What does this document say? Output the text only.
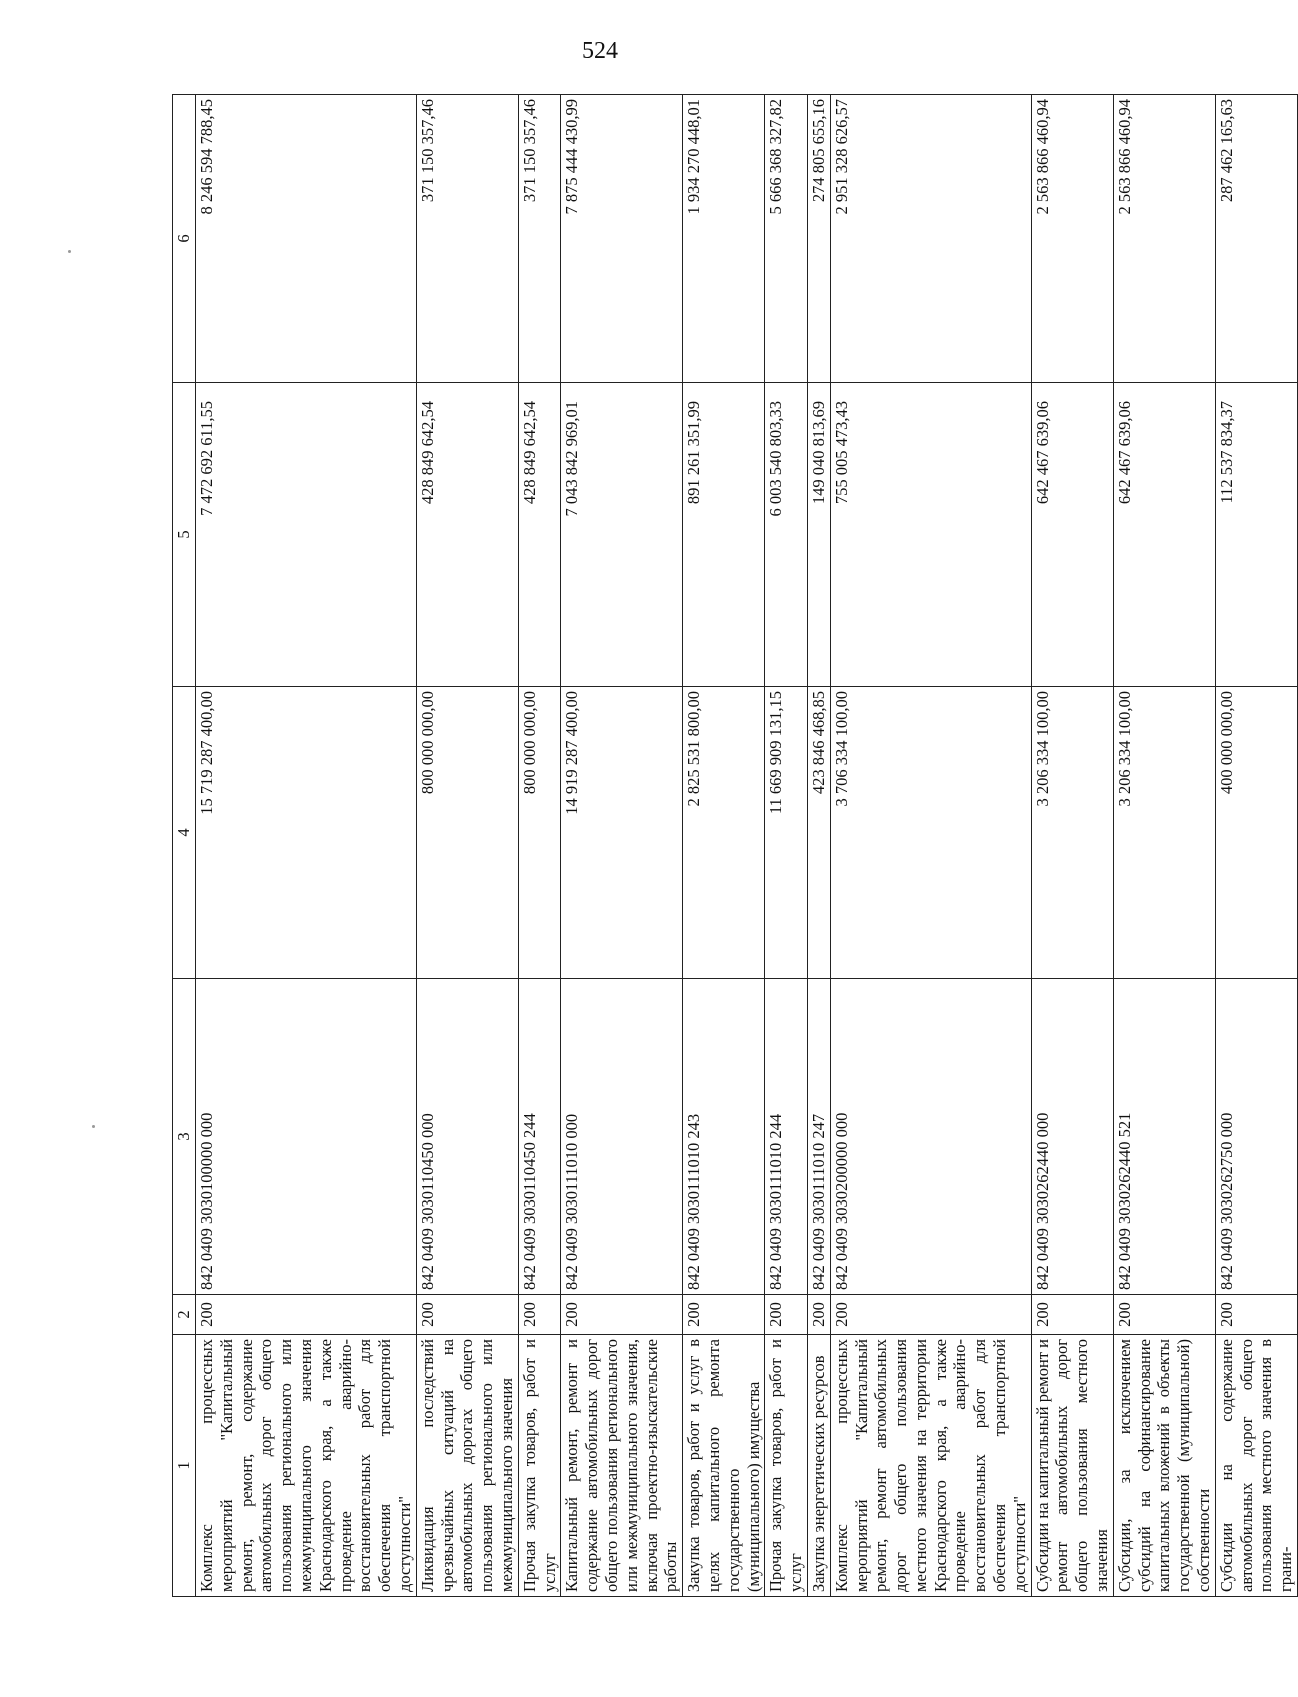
524
1	2	3	4	5	6
Комплекс процессных мероприятий "Капитальный ремонт, ремонт, содержание автомобильных дорог общего пользования регионального или межмуниципального значения Краснодарского края, а также проведение аварийно-восстановительных работ для обеспечения транспортной доступности"	200	842 0409 3030100000 000	15 719 287 400,00	7 472 692 611,55	8 246 594 788,45
Ликвидация последствий чрезвычайных ситуаций на автомобильных дорогах общего пользования регионального или межмуниципального значения	200	842 0409 3030110450 000	800 000 000,00	428 849 642,54	371 150 357,46
Прочая закупка товаров, работ и услуг	200	842 0409 3030110450 244	800 000 000,00	428 849 642,54	371 150 357,46
Капитальный ремонт, ремонт и содержание автомобильных дорог общего пользования регионального или межмуниципального значения, включая проектно-изыскательские работы	200	842 0409 3030111010 000	14 919 287 400,00	7 043 842 969,01	7 875 444 430,99
Закупка товаров, работ и услуг в целях капитального ремонта государственного (муниципального) имущества	200	842 0409 3030111010 243	2 825 531 800,00	891 261 351,99	1 934 270 448,01
Прочая закупка товаров, работ и услуг	200	842 0409 3030111010 244	11 669 909 131,15	6 003 540 803,33	5 666 368 327,82
Закупка энергетических ресурсов	200	842 0409 3030111010 247	423 846 468,85	149 040 813,69	274 805 655,16
Комплекс процессных мероприятий "Капитальный ремонт, ремонт автомобильных дорог общего пользования местного значения на территории Краснодарского края, а также проведение аварийно-восстановительных работ для обеспечения транспортной доступности"	200	842 0409 3030200000 000	3 706 334 100,00	755 005 473,43	2 951 328 626,57
Субсидии на капитальный ремонт и ремонт автомобильных дорог общего пользования местного значения	200	842 0409 3030262440 000	3 206 334 100,00	642 467 639,06	2 563 866 460,94
Субсидии, за исключением субсидий на софинансирование капитальных вложений в объекты государственной (муниципальной) собственности	200	842 0409 3030262440 521	3 206 334 100,00	642 467 639,06	2 563 866 460,94
Субсидии на содержание автомобильных дорог общего пользования местного значения в грани-	200	842 0409 3030262750 000	400 000 000,00	112 537 834,37	287 462 165,63
